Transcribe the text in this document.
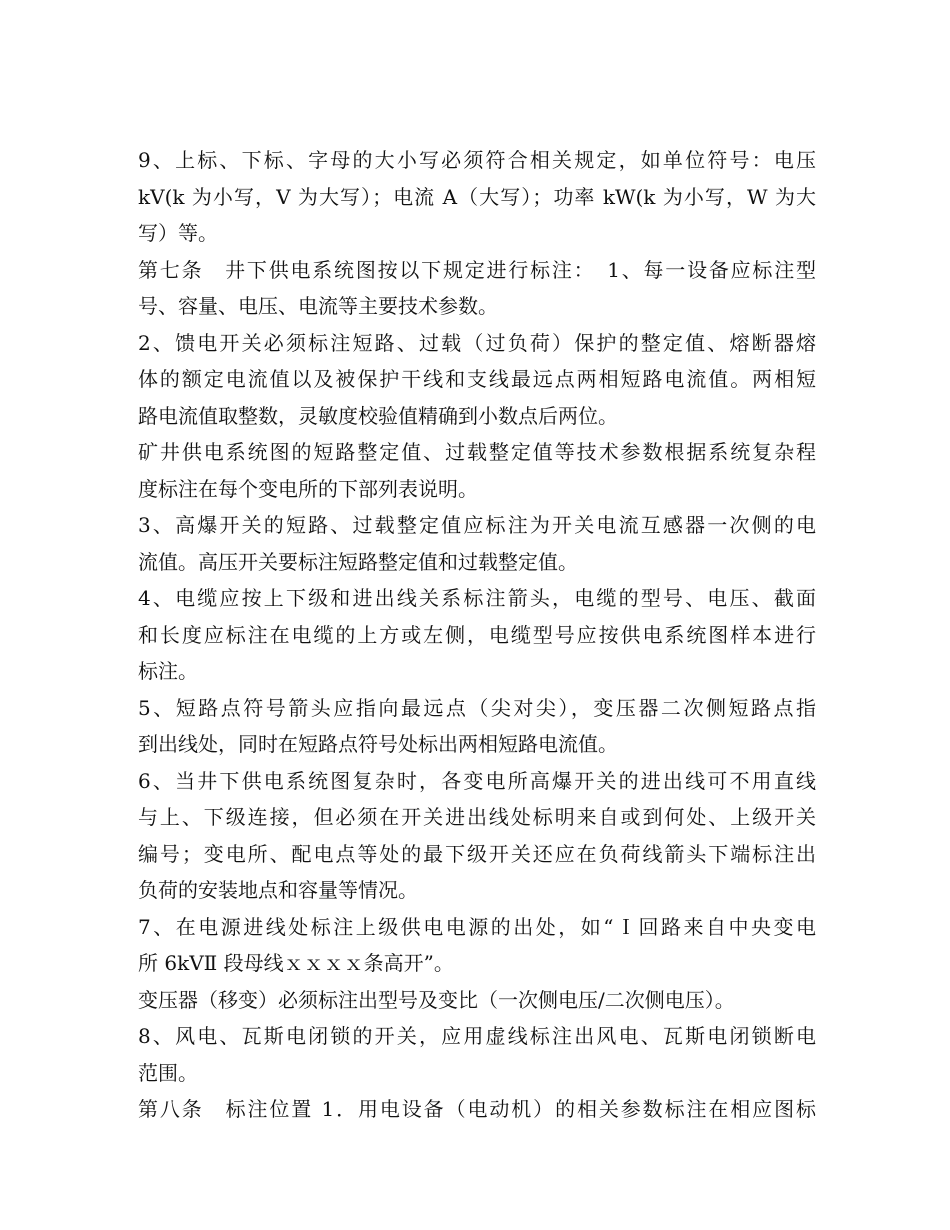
9、上标、下标、字母的大小写必须符合相关规定，如单位符号：电压
kV(k 为小写，V 为大写）；电流 A（大写）；功率 kW(k 为小写，W 为大
写）等。
第七条　井下供电系统图按以下规定进行标注：　1、每一设备应标注型
号、容量、电压、电流等主要技术参数。
2、馈电开关必须标注短路、过载（过负荷）保护的整定值、熔断器熔
体的额定电流值以及被保护干线和支线最远点两相短路电流值。两相短
路电流值取整数，灵敏度校验值精确到小数点后两位。
矿井供电系统图的短路整定值、过载整定值等技术参数根据系统复杂程
度标注在每个变电所的下部列表说明。
3、高爆开关的短路、过载整定值应标注为开关电流互感器一次侧的电
流值。高压开关要标注短路整定值和过载整定值。
4、电缆应按上下级和进出线关系标注箭头，电缆的型号、电压、截面
和长度应标注在电缆的上方或左侧，电缆型号应按供电系统图样本进行
标注。
5、短路点符号箭头应指向最远点（尖对尖），变压器二次侧短路点指
到出线处，同时在短路点符号处标出两相短路电流值。
6、当井下供电系统图复杂时，各变电所高爆开关的进出线可不用直线
与上、下级连接，但必须在开关进出线处标明来自或到何处、上级开关
编号；变电所、配电点等处的最下级开关还应在负荷线箭头下端标注出
负荷的安装地点和容量等情况。
7、在电源进线处标注上级供电电源的出处，如“Ｉ回路来自中央变电
所 6kVⅡ 段母线ｘｘｘｘ条高开”。
变压器（移变）必须标注出型号及变比（一次侧电压/二次侧电压）。
8、风电、瓦斯电闭锁的开关，应用虚线标注出风电、瓦斯电闭锁断电
范围。
第八条　标注位置 1．用电设备（电动机）的相关参数标注在相应图标
